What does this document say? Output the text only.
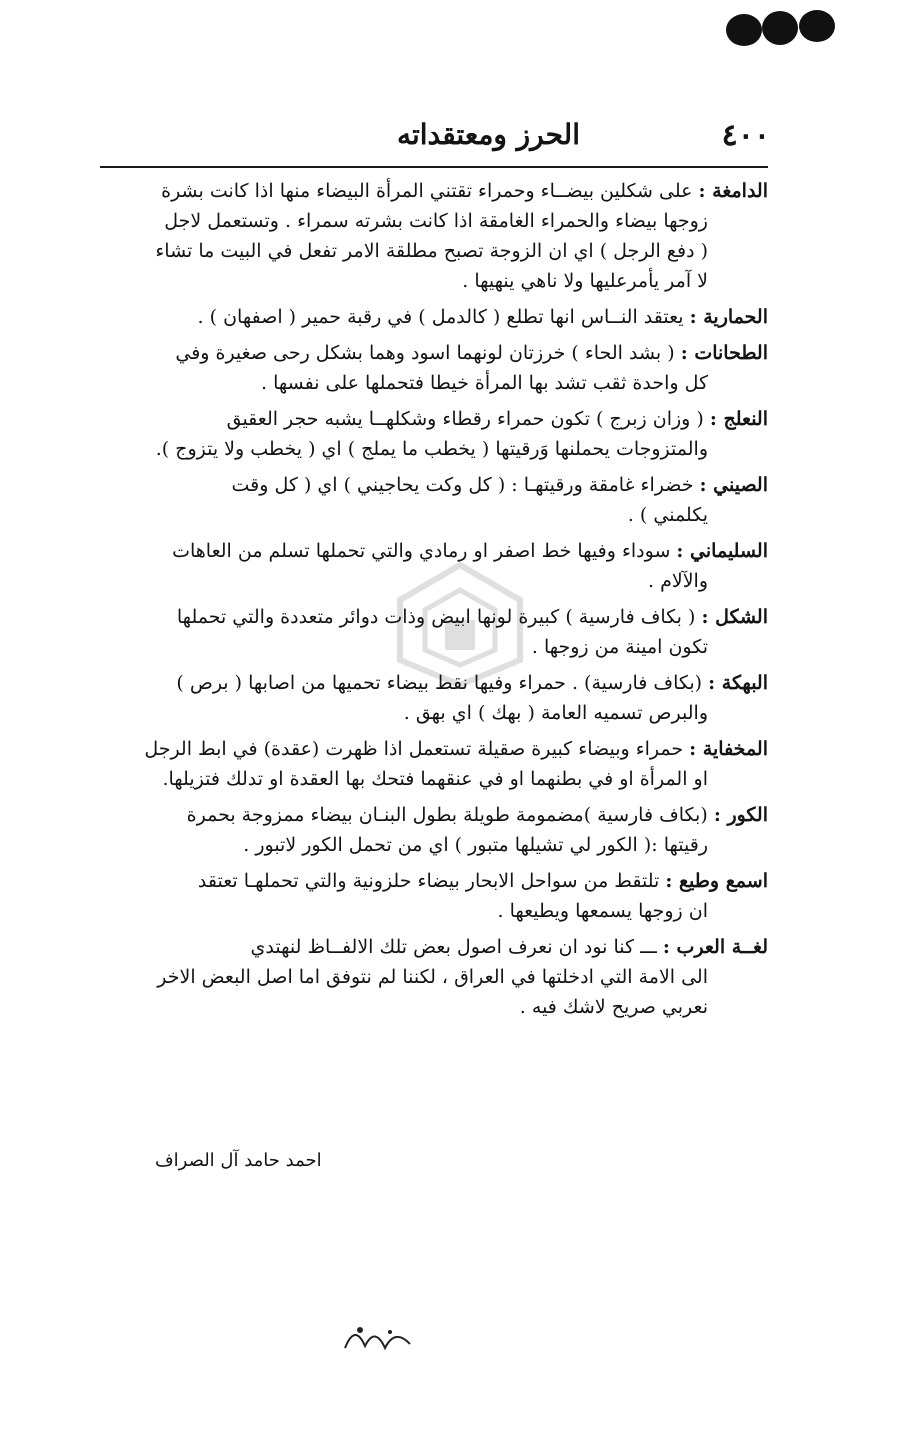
٤٠٠
الحرز ومعتقداته

الدامغة : على شكلين بيضــاء وحمراء تقتني المرأة البيضاء منها اذا كانت بشرة

زوجها بيضاء والحمراء الغامقة اذا كانت بشرته سمراء . وتستعمل لاجل

( دفع الرجل ) اي ان الزوجة تصبح مطلقة الامر تفعل في البيت ما تشاء

لا آمر يأمرعليها ولا ناهي ينهيها .

الحمارية : يعتقد النــاس انها تطلع ( كالدمل ) في رقبة حمير ( اصفهان ) .

الطحانات : ( بشد الحاء ) خرزتان لونهما اسود وهما بشكل رحى صغيرة وفي

كل واحدة ثقب تشد بها المرأة خيطا فتحملها على نفسها .

النعلج : ( وزان زبرج ) تكون حمراء رقطاء وشكلهــا يشبه حجر العقيق

والمتزوجات يحملنها وَرقيتها ( يخطب ما يملج ) اي ( يخطب ولا يتزوج ).

الصيني : خضراء غامقة ورقيتهـا : ( كل وكت يحاجيني ) اي ( كل وقت

يكلمني ) .

السليماني : سوداء وفيها خط اصفر او رمادي والتي تحملها تسلم من العاهات

والآلام .

الشكل : ( بكاف فارسية ) كبيرة لونها ابيض وذات دوائر متعددة والتي تحملها

تكون امينة من زوجها .

البهكة : (بكاف فارسية) . حمراء وفيها نقط بيضاء تحميها من اصابها ( برص )

والبرص تسميه العامة ( بهك ) اي بهق .

المخفاية : حمراء وبيضاء كبيرة صقيلة تستعمل اذا ظهرت (عقدة) في ابط الرجل

او المرأة او في بطنهما او في عنقهما فتحك بها العقدة او تدلك فتزيلها.

الكور : (بكاف فارسية )مضمومة طويلة بطول البنـان بيضاء ممزوجة بحمرة

رقيتها :( الكور لي تشيلها متبور ) اي من تحمل الكور لاتبور .

اسمع وطيع : تلتقط من سواحل الابحار بيضاء حلزونية والتي تحملهـا تعتقد

ان زوجها يسمعها ويطيعها .

لغــة العرب : ـــ كنا نود ان نعرف اصول بعض تلك الالفــاظ لنهتدي

الى الامة التي ادخلتها في العراق ، لكننا لم نتوفق اما اصل البعض الاخر

نعربي صريح لاشك فيه .

احمد حامد آل الصراف
